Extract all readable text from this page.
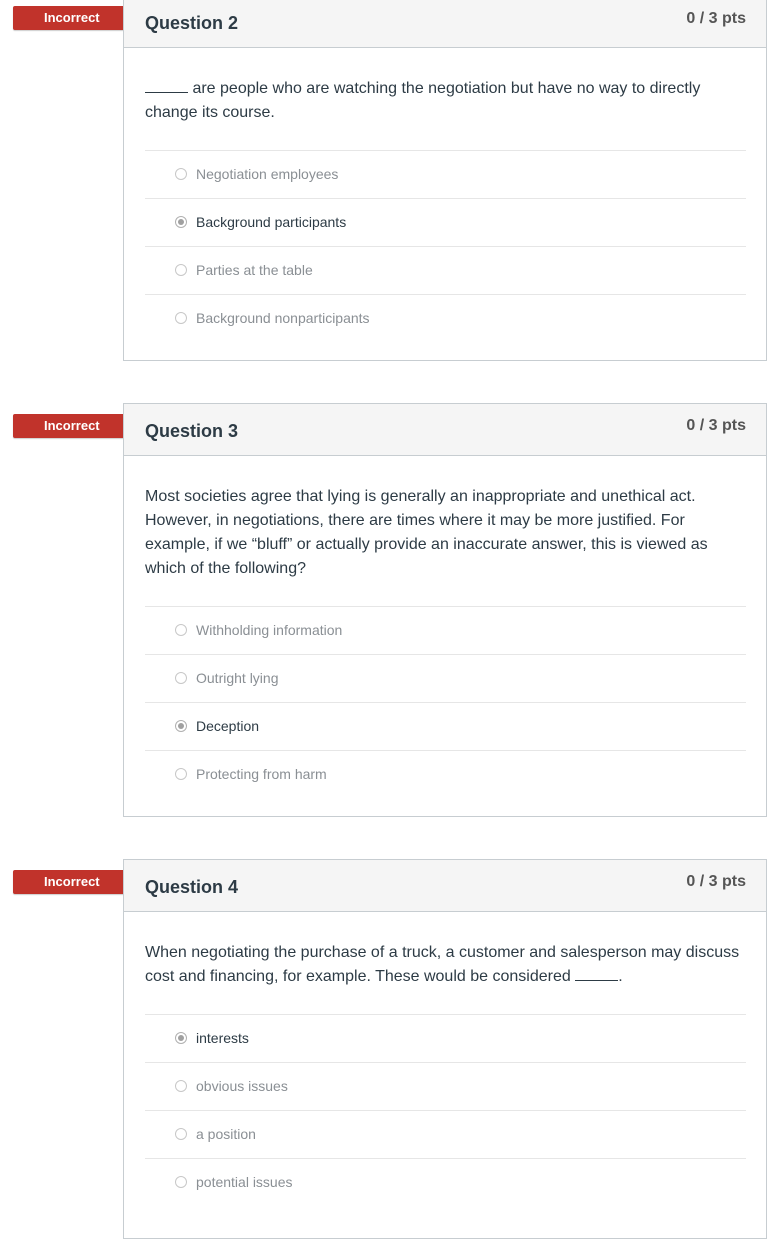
Incorrect	Question 2	0 / 3 pts

are people who are watching the negotiation but have no way to directly change its course.

Negotiation employees
Background participants
Parties at the table
Background nonparticipants
Incorrect	Question 3	0 / 3 pts

Most societies agree that lying is generally an inappropriate and unethical act. However, in negotiations, there are times where it may be more justified. For example, if we “bluff” or actually provide an inaccurate answer, this is viewed as which of the following?

Withholding information
Outright lying
Deception
Protecting from harm
Incorrect	Question 4	0 / 3 pts

When negotiating the purchase of a truck, a customer and salesperson may discuss cost and financing, for example. These would be considered	.

interests
obvious issues
a position
potential issues
